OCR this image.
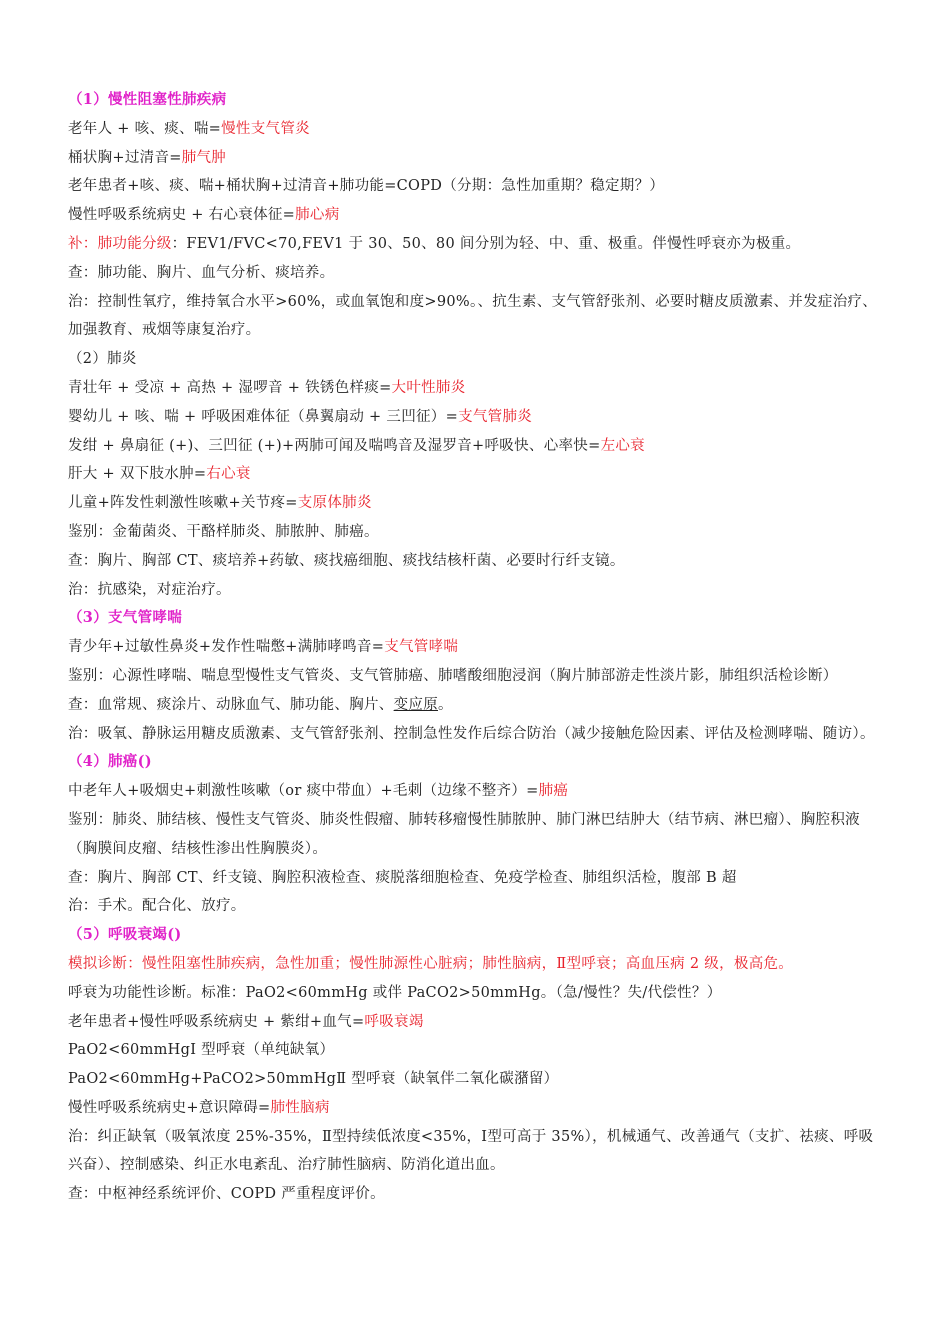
（1）慢性阻塞性肺疾病
老年人 + 咳、痰、喘=慢性支气管炎
桶状胸+过清音=肺气肿
老年患者+咳、痰、喘+桶状胸+过清音+肺功能=COPD（分期：急性加重期？稳定期？）
慢性呼吸系统病史 + 右心衰体征=肺心病
补：肺功能分级：FEV1/FVC<70,FEV1 于 30、50、80 间分别为轻、中、重、极重。伴慢性呼衰亦为极重。
查：肺功能、胸片、血气分析、痰培养。
治：控制性氧疗，维持氧合水平>60%，或血氧饱和度>90%。、抗生素、支气管舒张剂、必要时糖皮质激素、并发症治疗、加强教育、戒烟等康复治疗。
（2）肺炎
青壮年 + 受凉 + 高热 + 湿啰音 + 铁锈色样痰=大叶性肺炎
婴幼儿 + 咳、喘 + 呼吸困难体征（鼻翼扇动 + 三凹征）=支气管肺炎
发绀 + 鼻扇征 (+)、三凹征 (+)+两肺可闻及喘鸣音及湿罗音+呼吸快、心率快=左心衰
肝大 + 双下肢水肿=右心衰
儿童+阵发性刺激性咳嗽+关节疼=支原体肺炎
鉴别：金葡菌炎、干酪样肺炎、肺脓肿、肺癌。
查：胸片、胸部 CT、痰培养+药敏、痰找癌细胞、痰找结核杆菌、必要时行纤支镜。
治：抗感染，对症治疗。
（3）支气管哮喘
青少年+过敏性鼻炎+发作性喘憋+满肺哮鸣音=支气管哮喘
鉴别：心源性哮喘、喘息型慢性支气管炎、支气管肺癌、肺嗜酸细胞浸润（胸片肺部游走性淡片影，肺组织活检诊断）
查：血常规、痰涂片、动脉血气、肺功能、胸片、变应原。
治：吸氧、静脉运用糖皮质激素、支气管舒张剂、控制急性发作后综合防治（减少接触危险因素、评估及检测哮喘、随访）。
（4）肺癌()
中老年人+吸烟史+刺激性咳嗽（or 痰中带血）+毛刺（边缘不整齐）=肺癌
鉴别：肺炎、肺结核、慢性支气管炎、肺炎性假瘤、肺转移瘤慢性肺脓肿、肺门淋巴结肿大（结节病、淋巴瘤）、胸腔积液（胸膜间皮瘤、结核性渗出性胸膜炎）。
查：胸片、胸部 CT、纤支镜、胸腔积液检查、痰脱落细胞检查、免疫学检查、肺组织活检，腹部 B 超
治：手术。配合化、放疗。
（5）呼吸衰竭()
模拟诊断：慢性阻塞性肺疾病，急性加重；慢性肺源性心脏病；肺性脑病，Ⅱ型呼衰；高血压病 2 级，极高危。
呼衰为功能性诊断。标准：PaO2<60mmHg 或伴 PaCO2>50mmHg。（急/慢性？失/代偿性？）
老年患者+慢性呼吸系统病史 + 紫绀+血气=呼吸衰竭
PaO2<60mmHgⅠ 型呼衰（单纯缺氧）
PaO2<60mmHg+PaCO2>50mmHgⅡ 型呼衰（缺氧伴二氧化碳潴留）
慢性呼吸系统病史+意识障碍=肺性脑病
治：纠正缺氧（吸氧浓度 25%-35%，Ⅱ型持续低浓度<35%，Ⅰ型可高于 35%），机械通气、改善通气（支扩、祛痰、呼吸兴奋）、控制感染、纠正水电紊乱、治疗肺性脑病、防消化道出血。
查：中枢神经系统评价、COPD 严重程度评价。
